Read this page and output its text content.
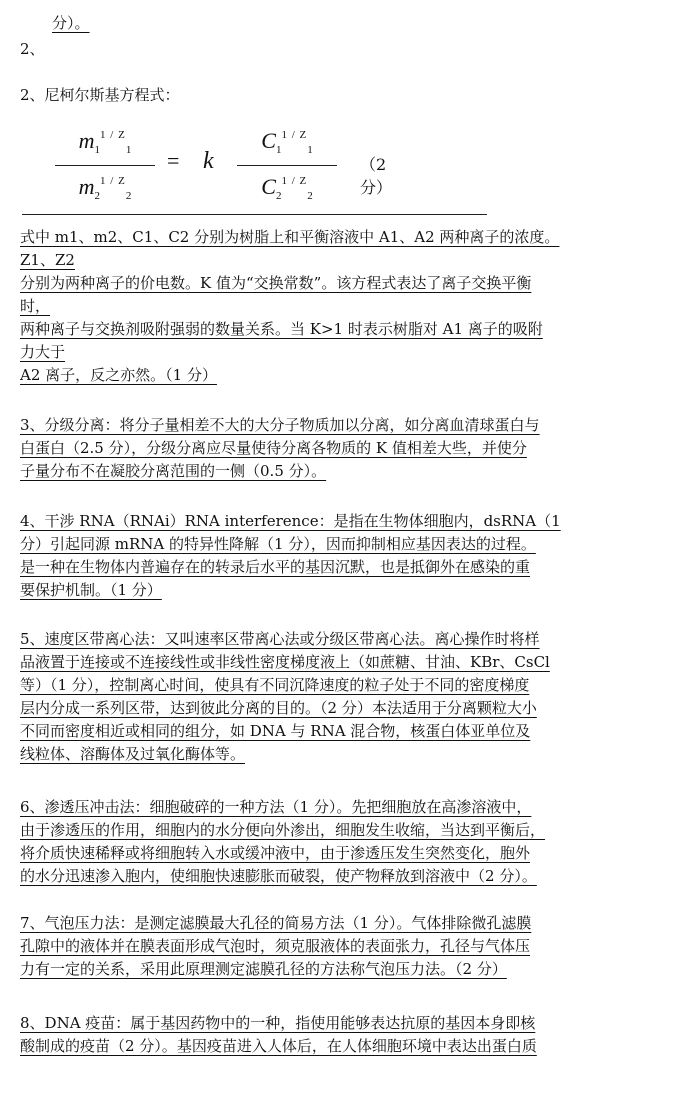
分）。
2、
2、尼柯尔斯基方程式：
$m_1^{1 / Z}_1$
$m_2^{1 / Z}_2$
= k
$C_1^{1 / Z}_1$
$C_2^{1 / Z}_2$
（2 分）
式中 m1、m2、C1、C2 分别为树脂上和平衡溶液中 A1、A2 两种离子的浓度。
Z1、Z2
分别为两种离子的价电数。K 值为“交换常数”。该方程式表达了离子交换平衡
时，
两种离子与交换剂吸附强弱的数量关系。当 K>1 时表示树脂对 A1 离子的吸附
力大于
A2 离子，反之亦然。（1 分）
3、分级分离：将分子量相差不大的大分子物质加以分离，如分离血清球蛋白与
白蛋白（2.5 分），分级分离应尽量使待分离各物质的 K 值相差大些，并使分
子量分布不在凝胶分离范围的一侧（0.5 分）。
4、干涉 RNA（RNAi）RNA interference：是指在生物体细胞内，dsRNA（1
分）引起同源 mRNA 的特异性降解（1 分），因而抑制相应基因表达的过程。
是一种在生物体内普遍存在的转录后水平的基因沉默，也是抵御外在感染的重
要保护机制。（1 分）
5、速度区带离心法：又叫速率区带离心法或分级区带离心法。离心操作时将样
品液置于连接或不连接线性或非线性密度梯度液上（如蔗糖、甘油、KBr、CsCl
等）（1 分），控制离心时间，使具有不同沉降速度的粒子处于不同的密度梯度
层内分成一系列区带，达到彼此分离的目的。（2 分）本法适用于分离颗粒大小
不同而密度相近或相同的组分，如 DNA 与 RNA 混合物，核蛋白体亚单位及
线粒体、溶酶体及过氧化酶体等。
6、渗透压冲击法：细胞破碎的一种方法（1 分）。先把细胞放在高渗溶液中，
由于渗透压的作用，细胞内的水分便向外渗出，细胞发生收缩，当达到平衡后，
将介质快速稀释或将细胞转入水或缓冲液中，由于渗透压发生突然变化，胞外
的水分迅速渗入胞内，使细胞快速膨胀而破裂，使产物释放到溶液中（2 分）。
7、气泡压力法：是测定滤膜最大孔径的简易方法（1 分）。气体排除微孔滤膜
孔隙中的液体并在膜表面形成气泡时，须克服液体的表面张力，孔径与气体压
力有一定的关系，采用此原理测定滤膜孔径的方法称气泡压力法。（2 分）
8、DNA 疫苗：属于基因药物中的一种，指使用能够表达抗原的基因本身即核
酸制成的疫苗（2 分）。基因疫苗进入人体后，在人体细胞环境中表达出蛋白质
